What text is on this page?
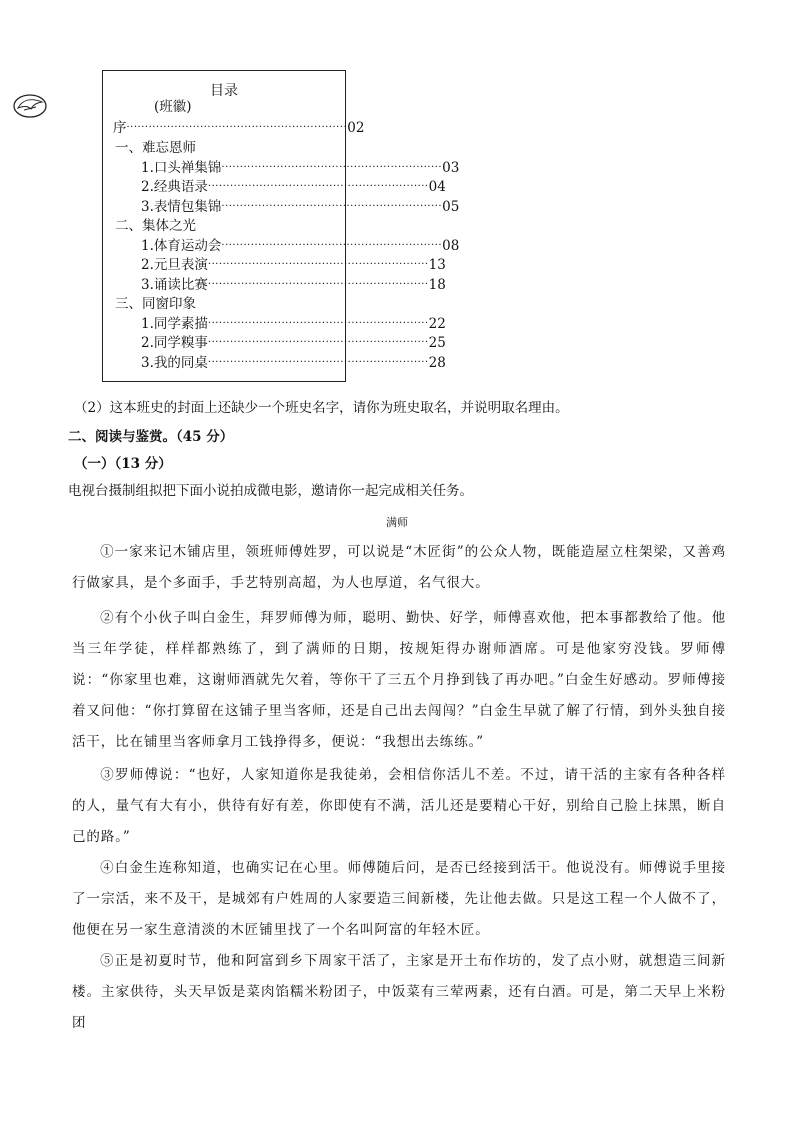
目录
序 ···························································· 02
一、难忘恩师
1.口头禅集锦 ···························································· 03
2.经典语录 ···························································· 04
3.表情包集锦 ···························································· 05
二、集体之光
1.体育运动会 ···························································· 08
2.元旦表演 ···························································· 13
3.诵读比赛 ···························································· 18
三、同窗印象
1.同学素描 ···························································· 22
2.同学糗事 ···························································· 25
3.我的同桌 ···························································· 28
(班徽)
（2）这本班史的封面上还缺少一个班史名字，请你为班史取名，并说明取名理由。
二、阅读与鉴赏。（45 分）
（一）（13 分）
电视台摄制组拟把下面小说拍成微电影，邀请你一起完成相关任务。
满师
①一家来记木铺店里，领班师傅姓罗，可以说是“木匠街”的公众人物，既能造屋立柱架梁，又善鸡行做家具，是个多面手，手艺特别高超，为人也厚道，名气很大。
②有个小伙子叫白金生，拜罗师傅为师，聪明、勤快、好学，师傅喜欢他，把本事都教给了他。他当三年学徒，样样都熟练了，到了满师的日期，按规矩得办谢师酒席。可是他家穷没钱。罗师傅说：“你家里也难，这谢师酒就先欠着，等你干了三五个月挣到钱了再办吧。”白金生好感动。罗师傅接着又问他：“你打算留在这铺子里当客师，还是自己出去闯闯？”白金生早就了解了行情，到外头独自接活干，比在铺里当客师拿月工钱挣得多，便说：“我想出去练练。”
③罗师傅说：“也好，人家知道你是我徒弟，会相信你活儿不差。不过，请干活的主家有各种各样的人，量气有大有小，供待有好有差，你即使有不满，活儿还是要精心干好，别给自己脸上抹黑，断自己的路。”
④白金生连称知道，也确实记在心里。师傅随后问，是否已经接到活干。他说没有。师傅说手里接了一宗活，来不及干，是城郊有户姓周的人家要造三间新楼，先让他去做。只是这工程一个人做不了，他便在另一家生意清淡的木匠铺里找了一个名叫阿富的年轻木匠。
⑤正是初夏时节，他和阿富到乡下周家干活了，主家是开土布作坊的，发了点小财，就想造三间新楼。主家供待，头天早饭是菜肉馅糯米粉团子，中饭菜有三荤两素，还有白酒。可是，第二天早上米粉团
